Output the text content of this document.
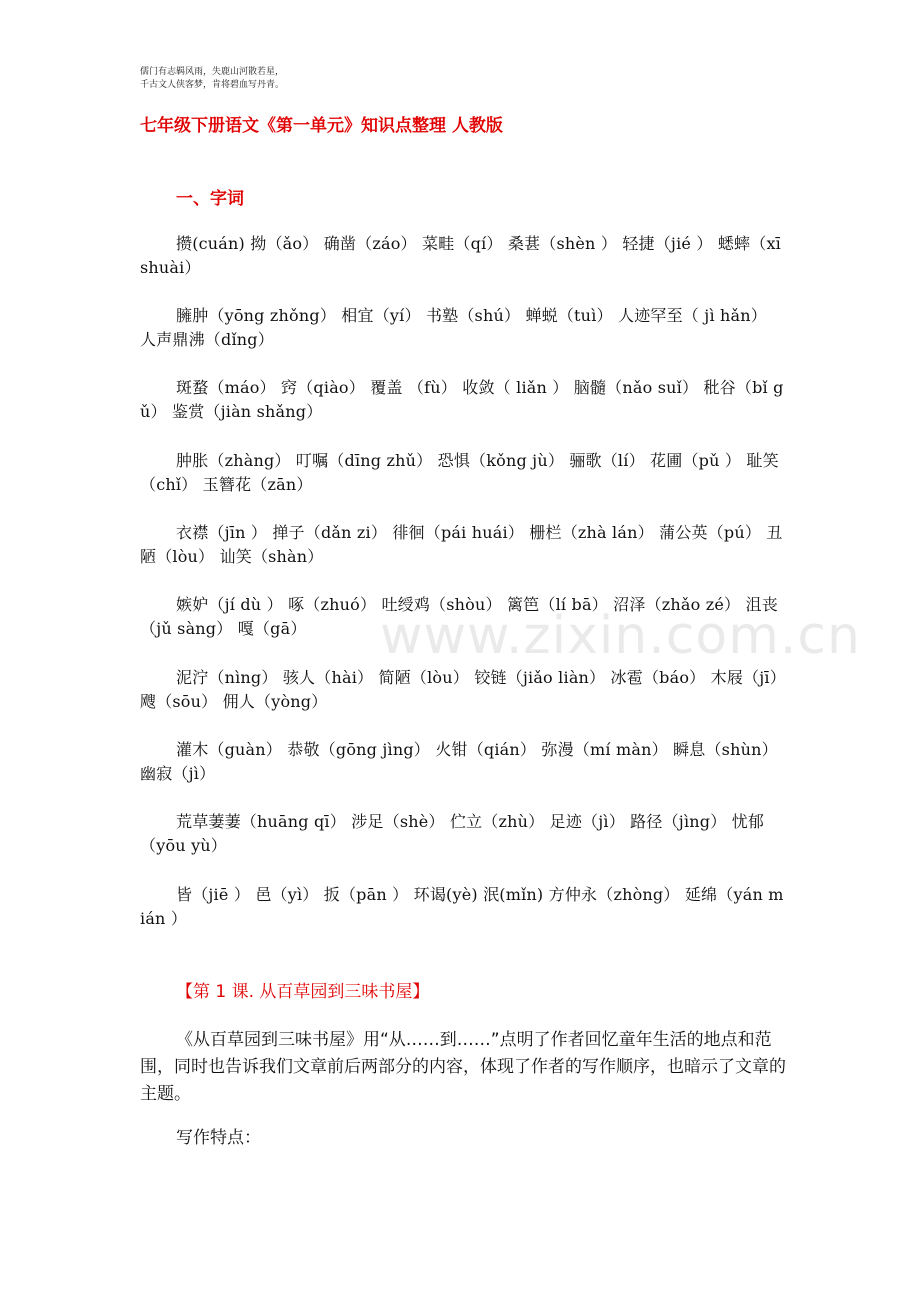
儒门有志羁风雨，失鹿山河散若星，
千古文人侠客梦，肯将碧血写丹青。
七年级下册语文《第一单元》知识点整理 人教版
一、字词
攒(cuán) 拗（ǎo） 确凿（záo） 菜畦（qí） 桑葚（shèn ） 轻捷（jié ） 蟋蟀（xī shuài）
臃肿（yōng zhǒng） 相宜（yí） 书塾（shú） 蝉蜕（tuì） 人迹罕至（ jì hǎn） 人声鼎沸（dǐng）
斑蝥（máo） 窍（qiào） 覆盖 （fù） 收敛（ liǎn ） 脑髓（nǎo suǐ） 秕谷（bǐ gǔ） 鉴赏（jiàn shǎng）
肿胀（zhàng） 叮嘱（dīng zhǔ） 恐惧（kǒng jù） 骊歌（lí） 花圃（pǔ ） 耻笑（chǐ） 玉簪花（zān）
衣襟（jīn ） 掸子（dǎn zi） 徘徊（pái huái） 栅栏（zhà lán） 蒲公英（pú） 丑陋（lòu） 讪笑（shàn）
嫉妒（jí dù ） 啄（zhuó） 吐绶鸡（shòu） 篱笆（lí bā） 沼泽（zhǎo zé） 沮丧（jǔ sàng） 嘎（gā）
泥泞（nìng） 骇人（hài） 简陋（lòu） 铰链（jiǎo liàn） 冰雹（báo） 木屐（jī） 飕（sōu） 佣人（yòng）
灌木（guàn） 恭敬（gōng jìng） 火钳（qián） 弥漫（mí màn） 瞬息（shùn） 幽寂（jì）
荒草萋萋（huāng qī） 涉足（shè） 伫立（zhù） 足迹（jì） 路径（jìng） 忧郁（yōu yù）
皆（jiē ） 邑（yì） 扳（pān ） 环谒(yè) 泯(mǐn) 方仲永（zhòng） 延绵（yán mián ）
【第 1 课. 从百草园到三味书屋】
《从百草园到三味书屋》用“从……到……”点明了作者回忆童年生活的地点和范围，同时也告诉我们文章前后两部分的内容，体现了作者的写作顺序，也暗示了文章的主题。
写作特点：
www.zixin.com.cn
